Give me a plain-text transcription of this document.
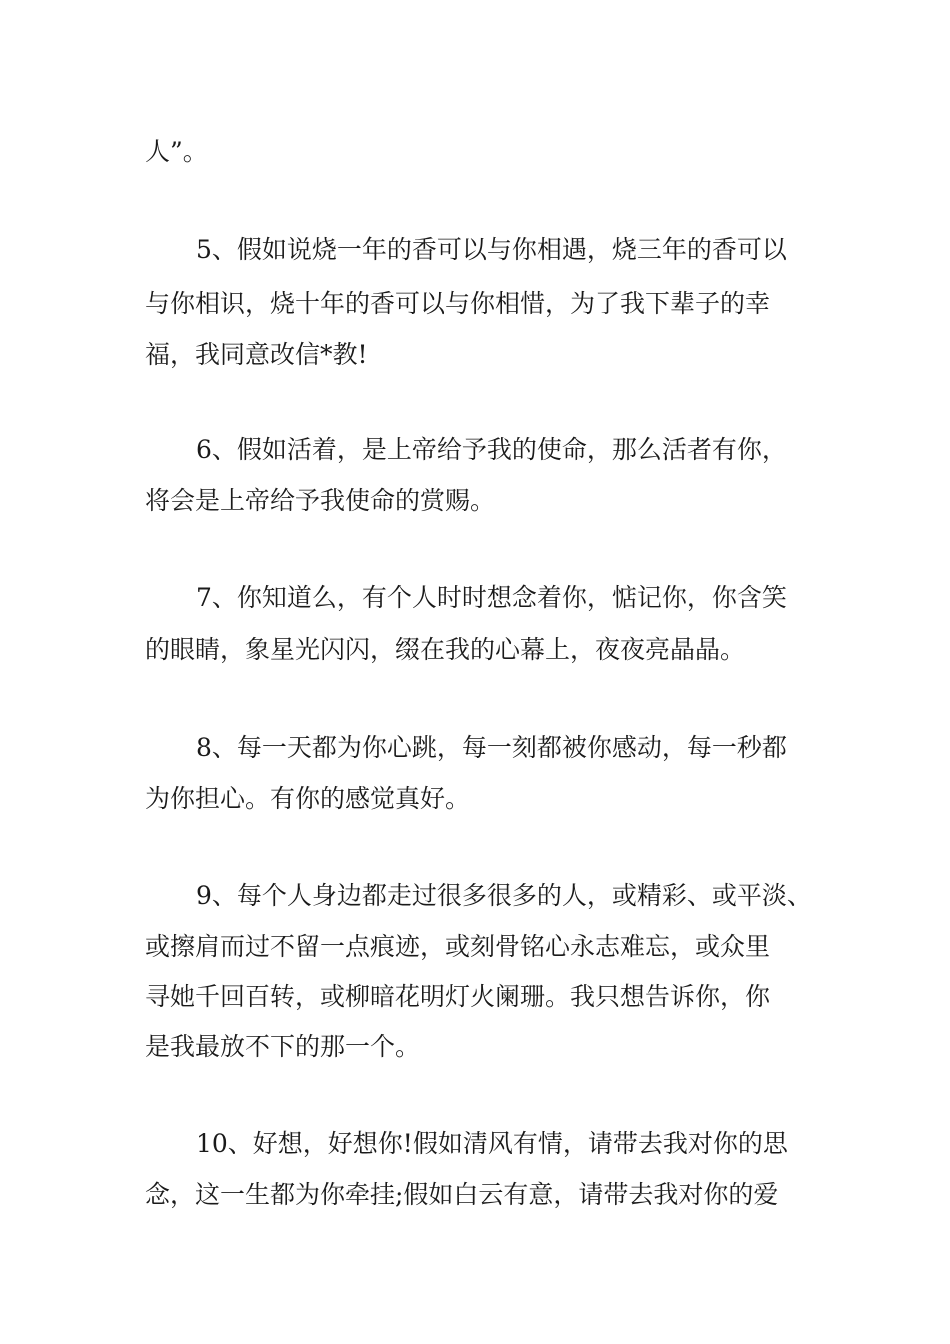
人”。
5、假如说烧一年的香可以与你相遇，烧三年的香可以
与你相识，烧十年的香可以与你相惜，为了我下辈子的幸
福，我同意改信*教!
6、假如活着，是上帝给予我的使命，那么活者有你，
将会是上帝给予我使命的赏赐。
7、你知道么，有个人时时想念着你，惦记你，你含笑
的眼睛，象星光闪闪，缀在我的心幕上，夜夜亮晶晶。
8、每一天都为你心跳，每一刻都被你感动，每一秒都
为你担心。有你的感觉真好。
9、每个人身边都走过很多很多的人，或精彩、或平淡、
或擦肩而过不留一点痕迹，或刻骨铭心永志难忘，或众里
寻她千回百转，或柳暗花明灯火阑珊。我只想告诉你，你
是我最放不下的那一个。
10、好想，好想你!假如清风有情，请带去我对你的思
念，这一生都为你牵挂;假如白云有意，请带去我对你的爱
